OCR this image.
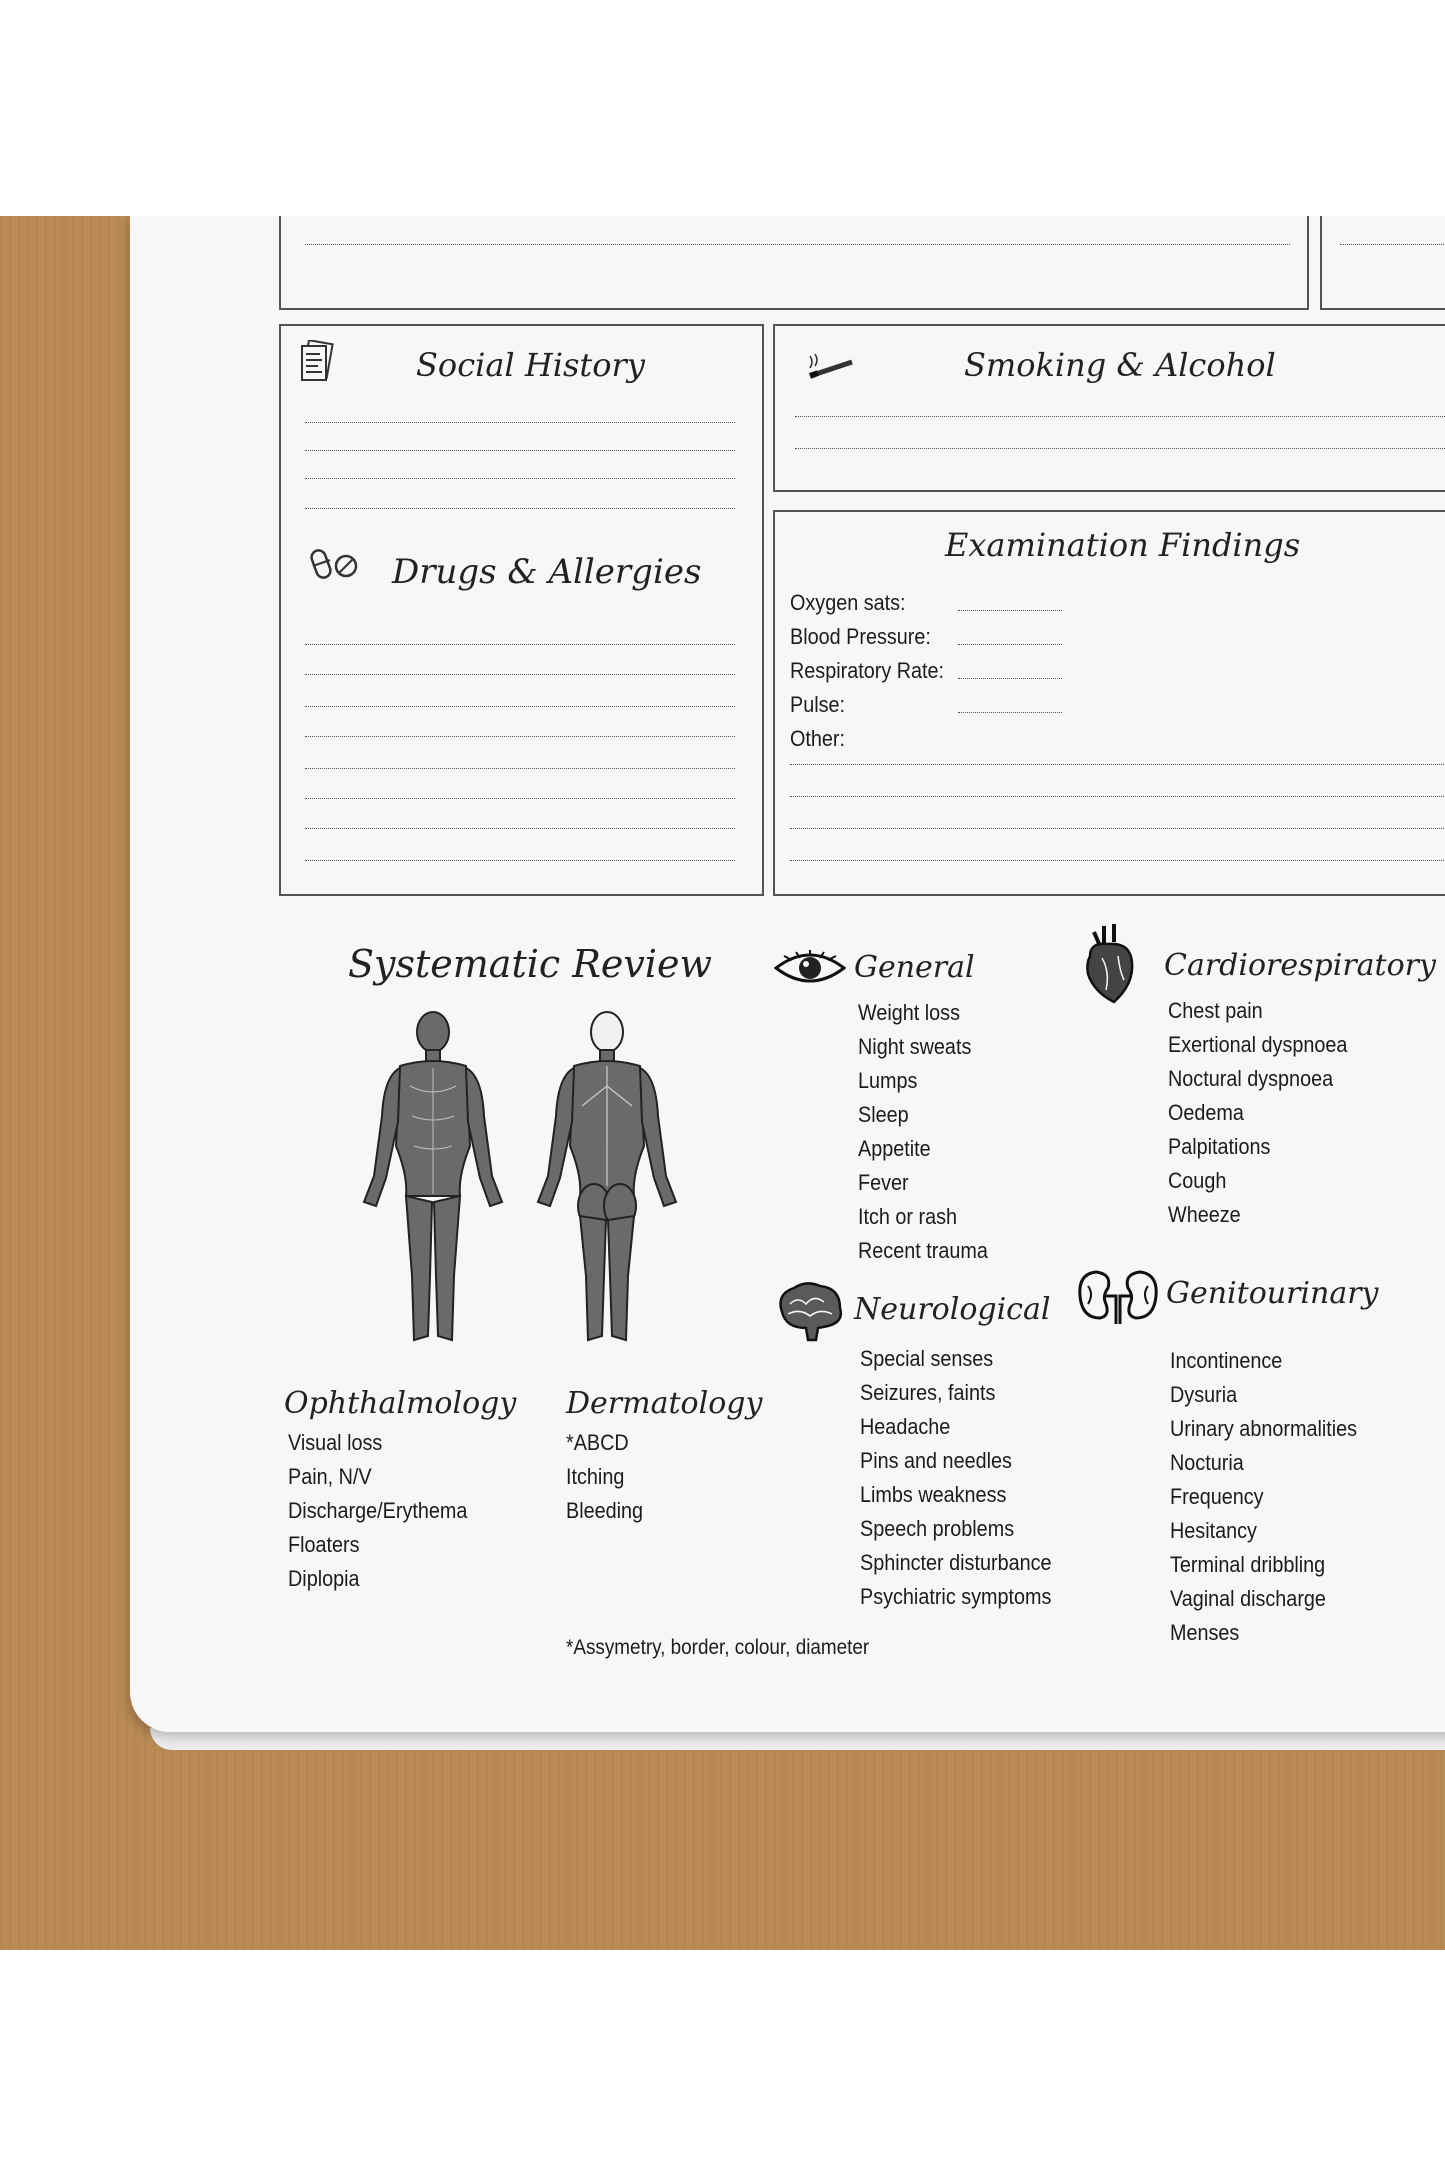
Social History
Drugs & Allergies
Smoking & Alcohol
Examination Findings
Oxygen sats:
Blood Pressure:
Respiratory Rate:
Pulse:
Other:
Systematic Review
Ophthalmology
Visual loss
Pain, N/V
Discharge/Erythema
Floaters
Diplopia
Dermatology
*ABCD
Itching
Bleeding
*Assymetry, border, colour, diameter
General
Weight loss
Night sweats
Lumps
Sleep
Appetite
Fever
Itch or rash
Recent trauma
Neurological
Special senses
Seizures, faints
Headache
Pins and needles
Limbs weakness
Speech problems
Sphincter disturbance
Psychiatric symptoms
Cardiorespiratory
Chest pain
Exertional dyspnoea
Noctural dyspnoea
Oedema
Palpitations
Cough
Wheeze
Genitourinary
Incontinence
Dysuria
Urinary abnormalities
Nocturia
Frequency
Hesitancy
Terminal dribbling
Vaginal discharge
Menses
